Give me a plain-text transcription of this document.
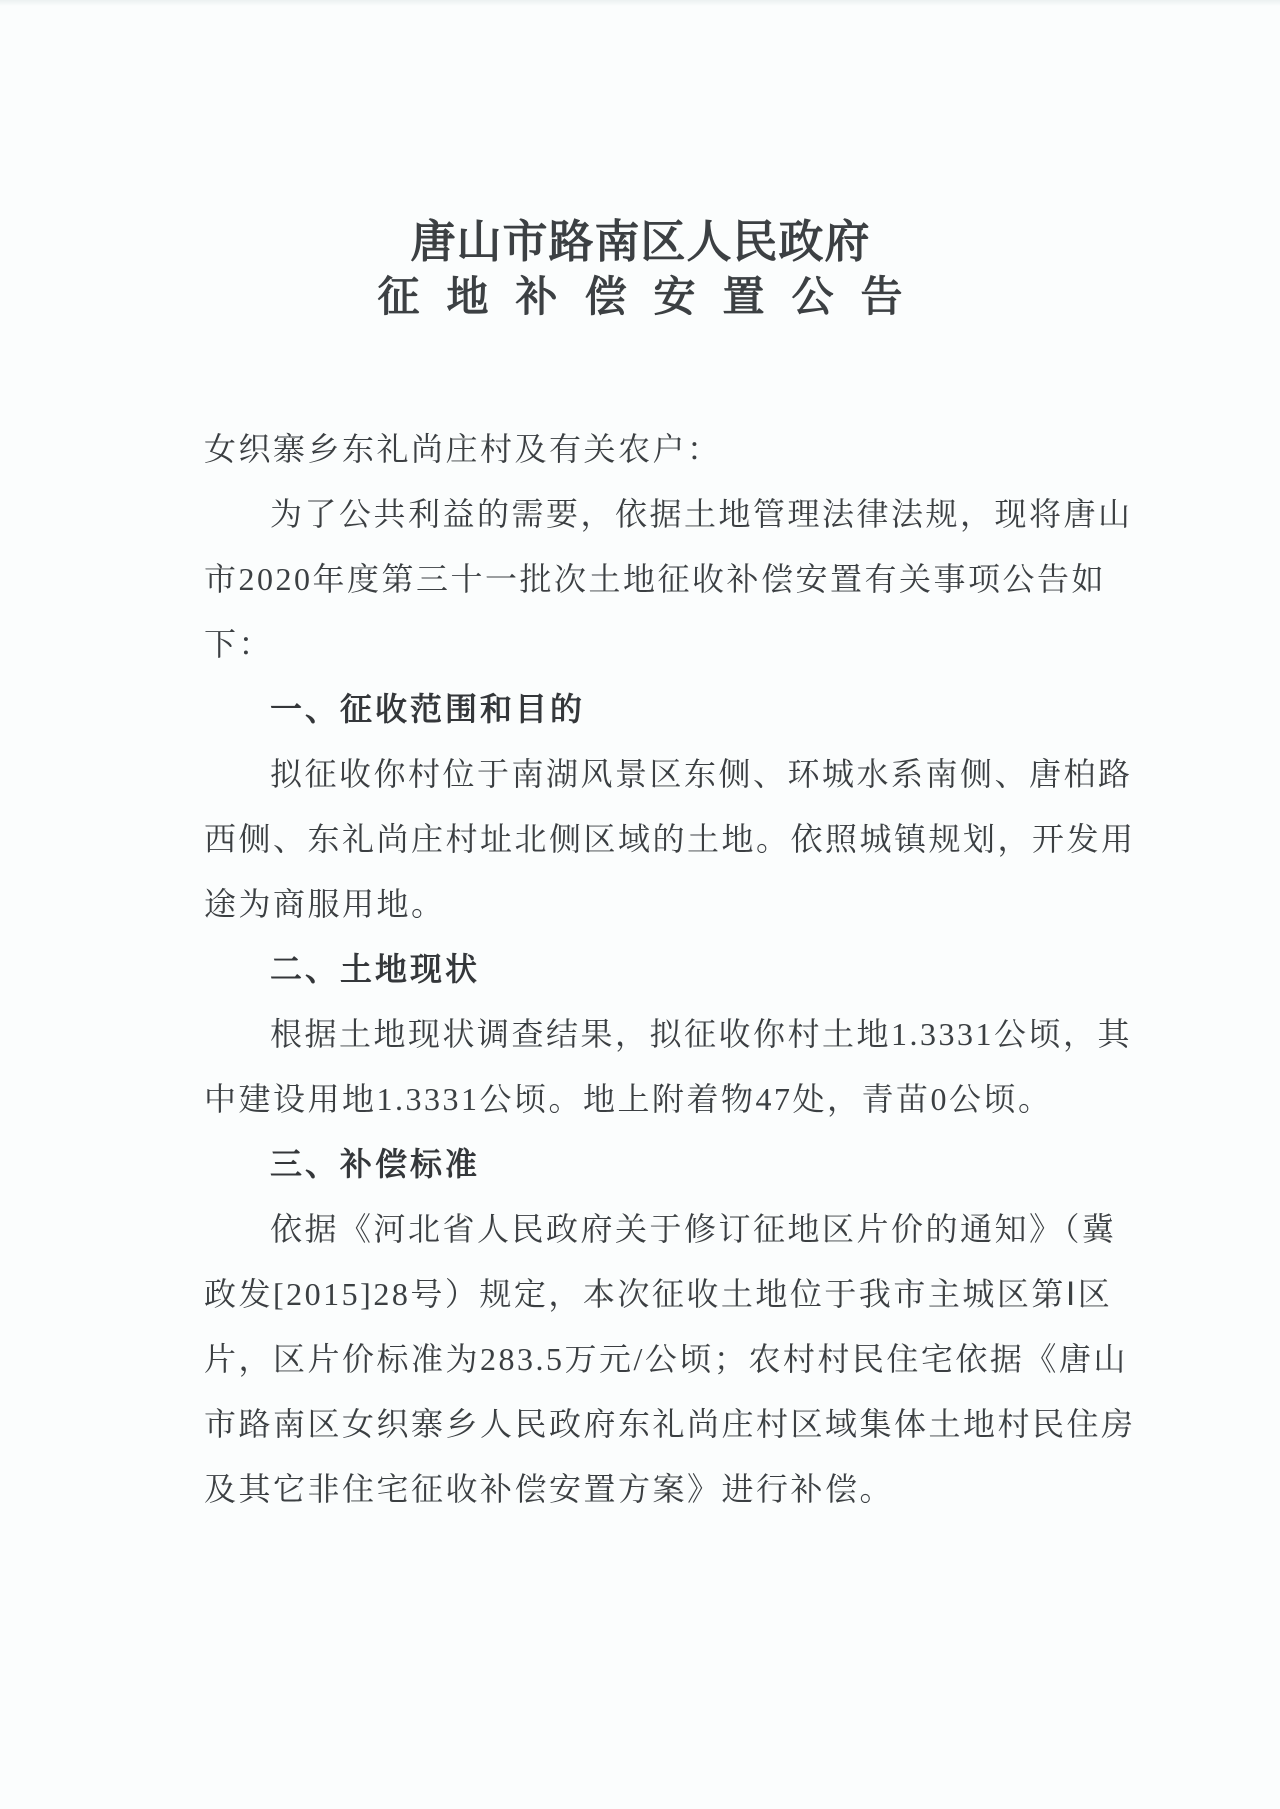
唐山市路南区人民政府
征地补偿安置公告
女织寨乡东礼尚庄村及有关农户：
为了公共利益的需要，依据土地管理法律法规，现将唐山
市2020年度第三十一批次土地征收补偿安置有关事项公告如
下：
一、征收范围和目的
拟征收你村位于南湖风景区东侧、环城水系南侧、唐柏路
西侧、东礼尚庄村址北侧区域的土地。依照城镇规划，开发用
途为商服用地。
二、土地现状
根据土地现状调查结果，拟征收你村土地1.3331公顷，其
中建设用地1.3331公顷。地上附着物47处，青苗0公顷。
三、补偿标准
依据《河北省人民政府关于修订征地区片价的通知》（冀
政发[2015]28号）规定，本次征收土地位于我市主城区第Ⅰ区
片，区片价标准为283.5万元/公顷；农村村民住宅依据《唐山
市路南区女织寨乡人民政府东礼尚庄村区域集体土地村民住房
及其它非住宅征收补偿安置方案》进行补偿。
